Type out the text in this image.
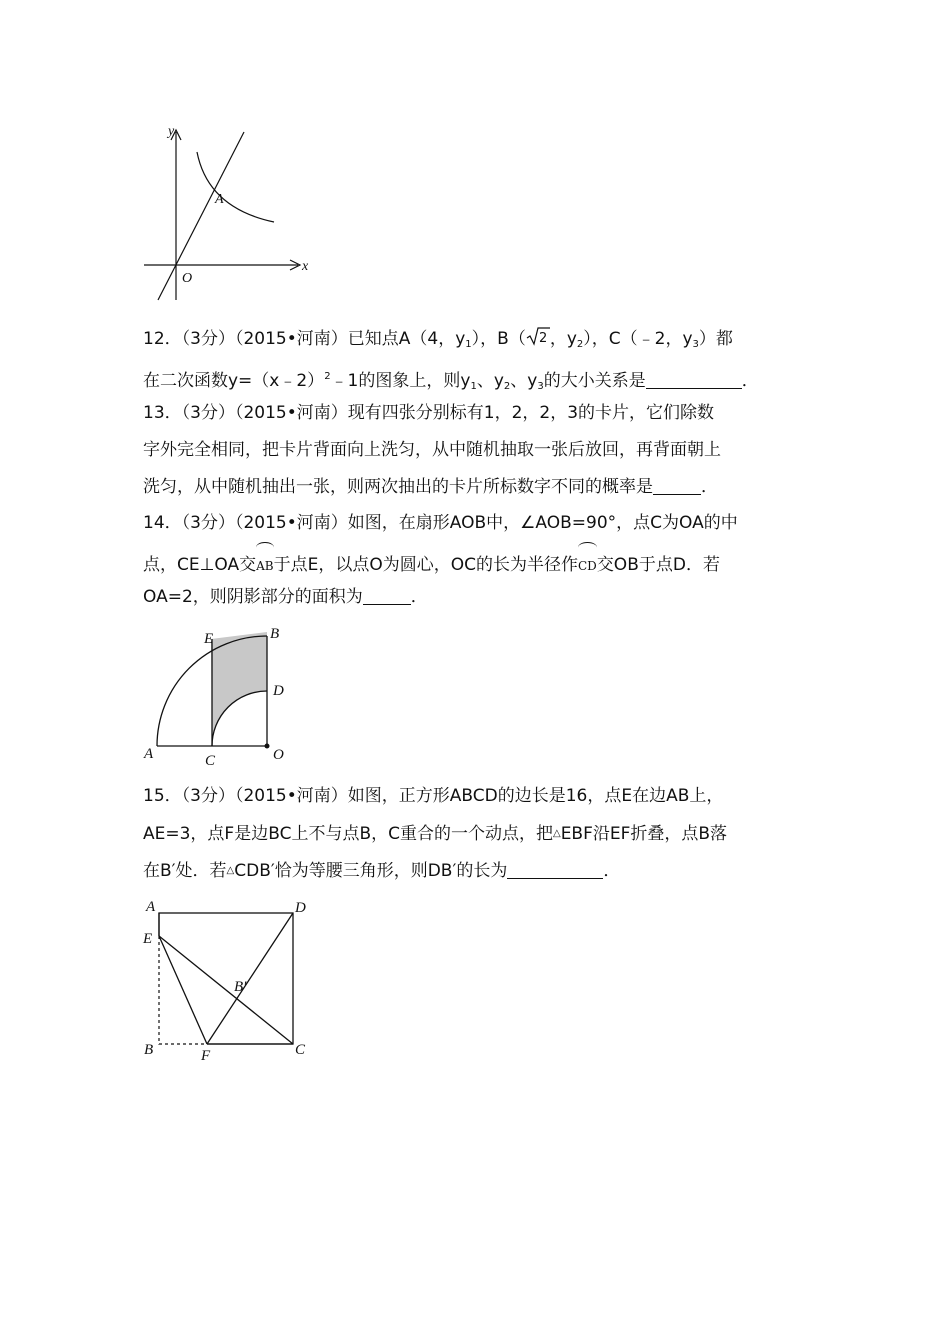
y
x
O
A
12．（3分）（2015•河南）已知点A（4，$y_1$），B（ 2 ，$y_2$），C（﹣2，$y_3$）都
在二次函数y=（x﹣2）$^2$﹣1的图象上，则$y_1$、$y_2$、$y_3$的大小关系是	．
13．（3分）（2015•河南）现有四张分别标有1，2，2，3的卡片，它们除数
字外完全相同，把卡片背面向上洗匀，从中随机抽取一张后放回，再背面朝上
洗匀，从中随机抽出一张，则两次抽出的卡片所标数字不同的概率是	．
14．（3分）（2015•河南）如图，在扇形AOB中，∠AOB=90°，点C为OA的中
点，CE⊥OA交AB于点E，以点O为圆心，OC的长为半径作CD交OB于点D．若
OA=2，则阴影部分的面积为	．
E	B
D
A	C	O
15．（3分）（2015•河南）如图，正方形ABCD的边长是16，点E在边AB上，
AE=3，点F是边BC上不与点B，C重合的一个动点，把△EBF沿EF折叠，点B落
在B′处．若△CDB′恰为等腰三角形，则DB′的长为	．
A	D
E
B′
B	F	C
